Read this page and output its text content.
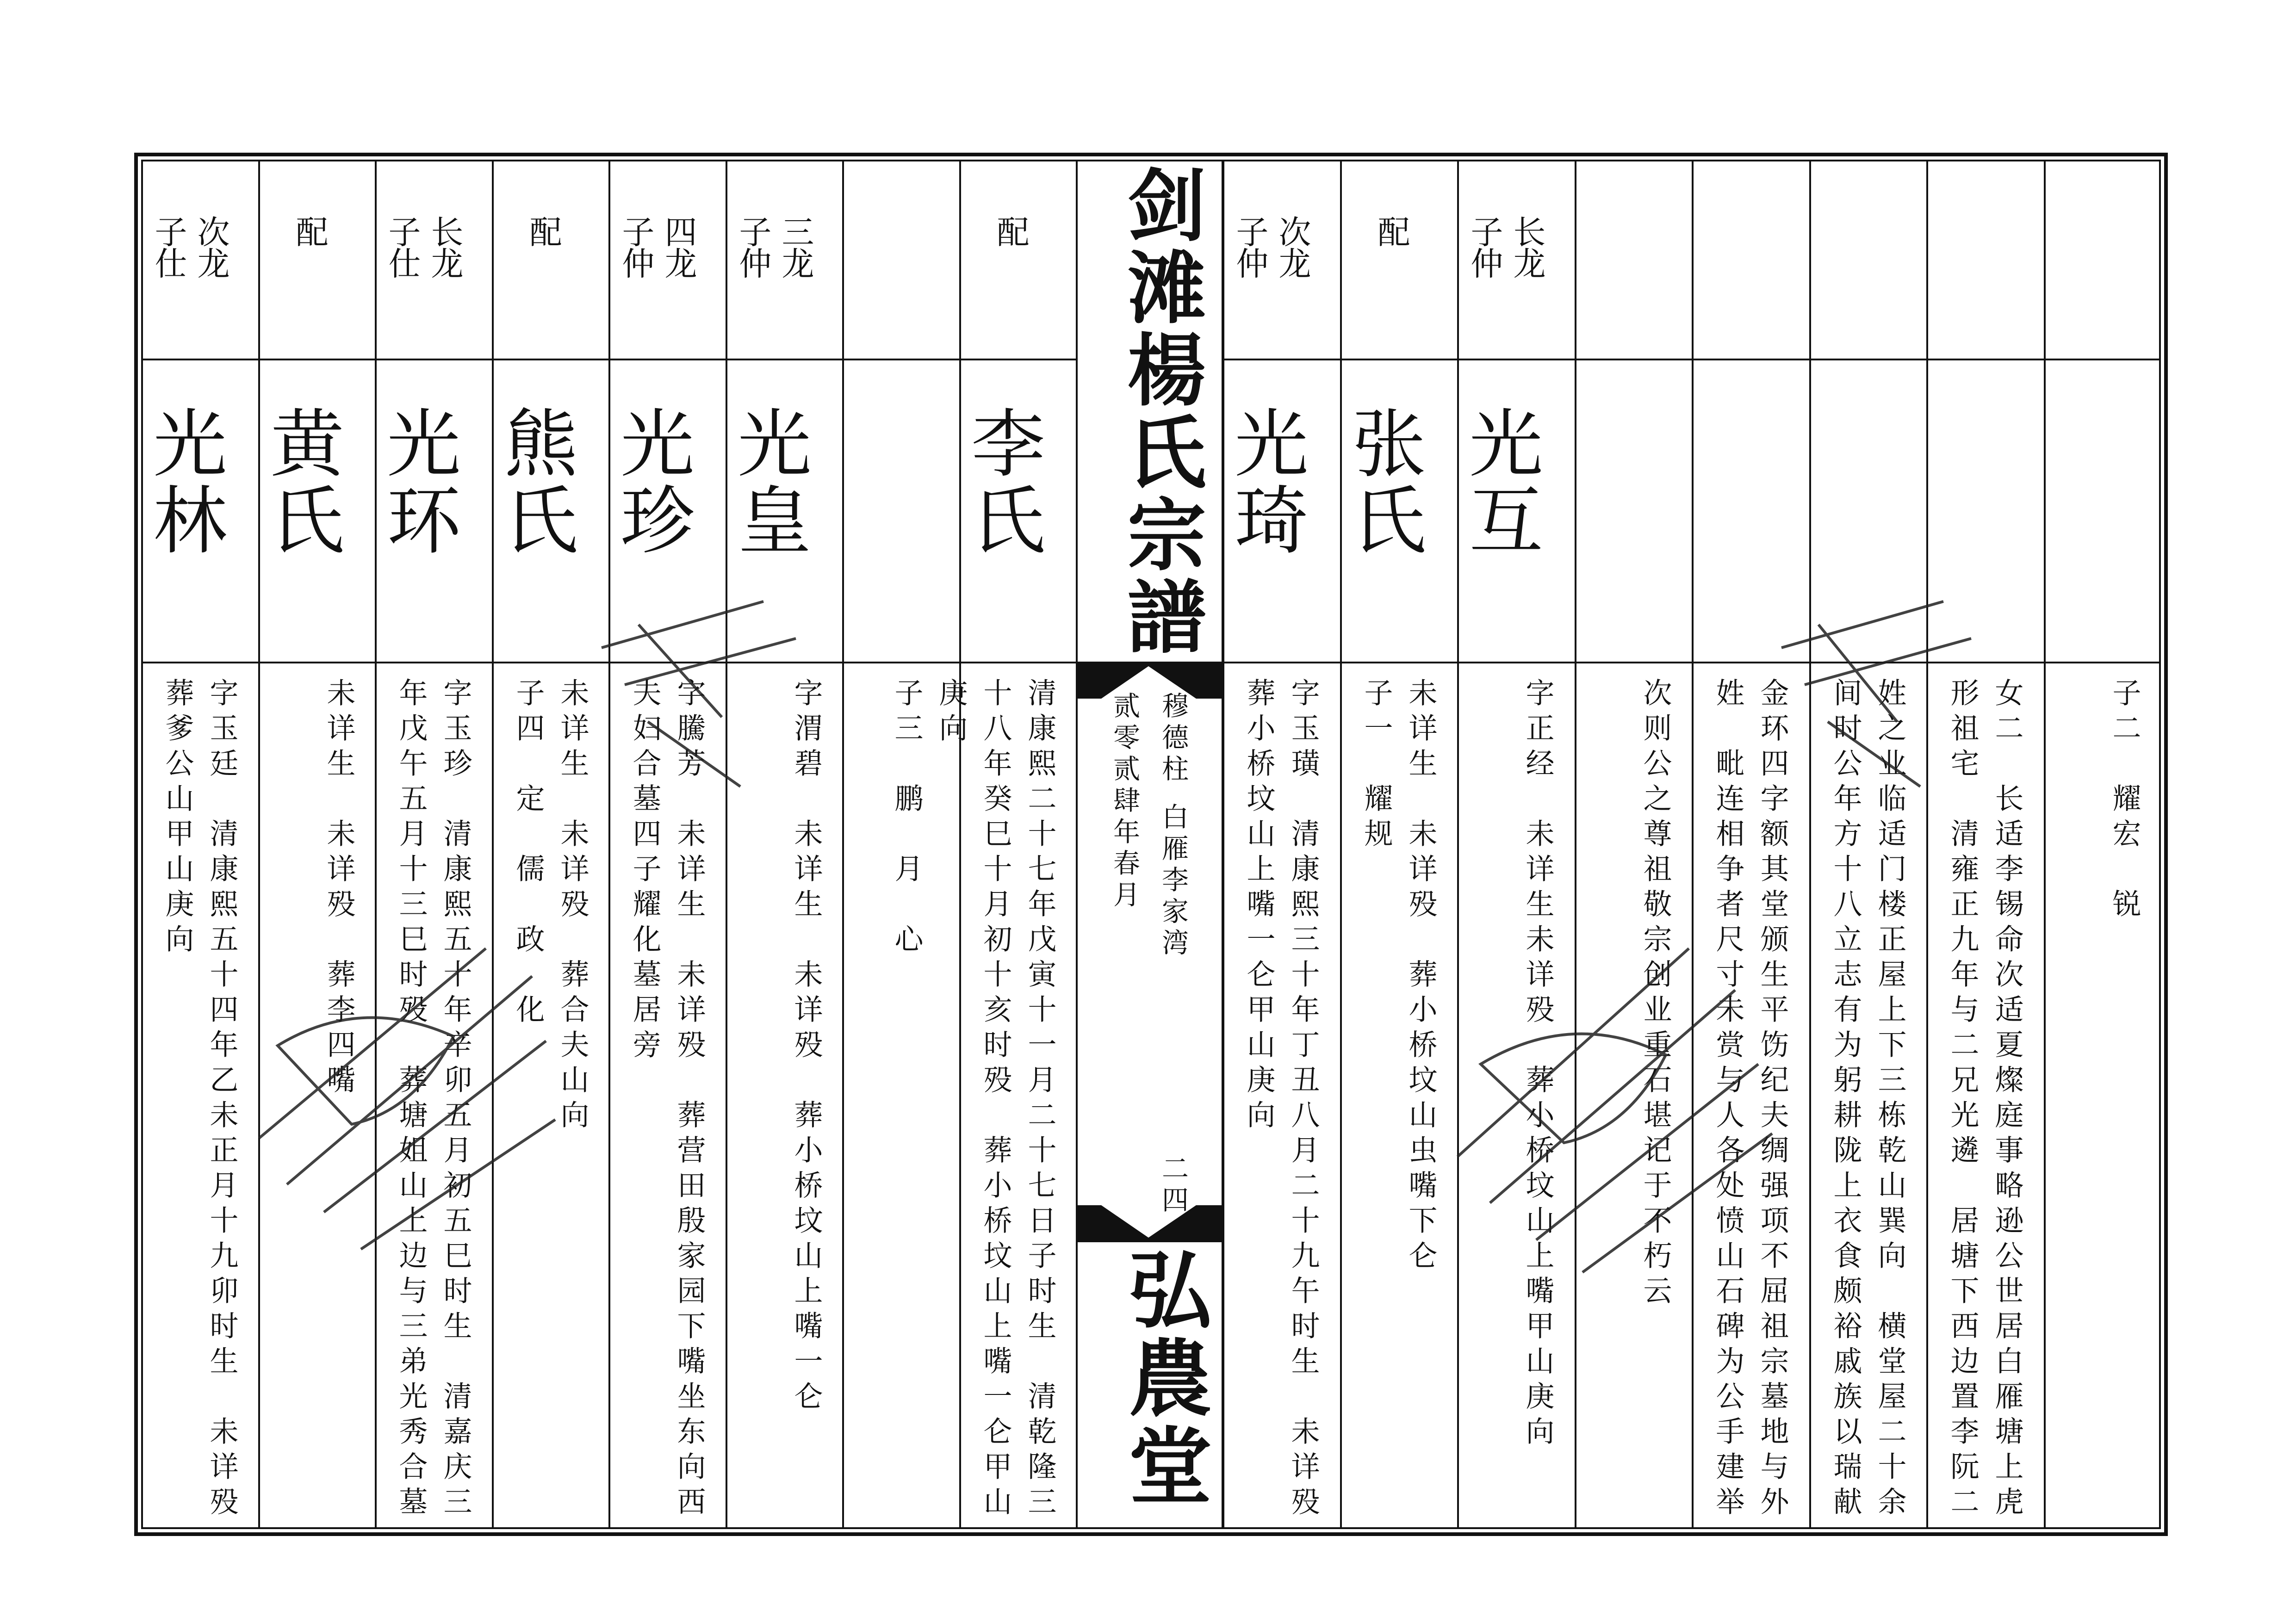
剑滩楊氏宗譜
穆德柱
白雁李家湾
贰零贰肆年春月
二四
弘農堂
子二　耀宏　锐
女二　长适李锡命次适夏燦庭事略逊公世居白雁塘上虎
形祖宅　清雍正九年与二兄光遴　居塘下西边置李阮二
姓之业临适门楼正屋上下三栋乾山巽向　横堂屋二十余
间时公年方十八立志有为躬耕陇上衣食颇裕戚族以瑞献
金环四字额其堂颁生平饬纪夫绸强项不屈祖宗墓地与外
姓　毗连相争者尺寸未赏与人各处愤山石碑为公手建举
次则公之尊祖敬宗创业重石堪记于不朽云
长龙
子仲
光互
字正经　未详生未详殁　葬小桥坟山上嘴甲山庚向
配
张氏
未详生　未详殁　葬小桥坟山虫嘴下仑
子一　耀规
次龙
子仲
光琦
字玉璜　清康熙三十年丁丑八月二十九午时生　未详殁
葬小桥坟山上嘴一仑甲山庚向
配
李氏
清康熙二十七年戊寅十一月二十七日子时生　清乾隆三
十八年癸巳十月初十亥时殁　葬小桥坟山上嘴一仑甲山
庚向
子三　鹏　月　心
三龙
子仲
光皇
字渭碧　未详生　未详殁　葬小桥坟山上嘴一仑
四龙
子仲
光珍
字騰芳　未详生　未详殁　葬营田殷家园下嘴坐东向西
夫妇合墓四子耀化墓居旁
配
熊氏
未详生　未详殁　葬合夫山向
子四　定　儒　政　化
长龙
子仕
光环
字玉珍　清康熙五十年辛卯五月初五巳时生　清嘉庆三
年戊午五月十三巳时殁　葬塘姐山上边与三弟光秀合墓
配
黄氏
未详生　未详殁　葬李四嘴
次龙
子仕
光林
字玉廷　清康熙五十四年乙未正月十九卯时生　未详殁
葬爹公山甲山庚向
